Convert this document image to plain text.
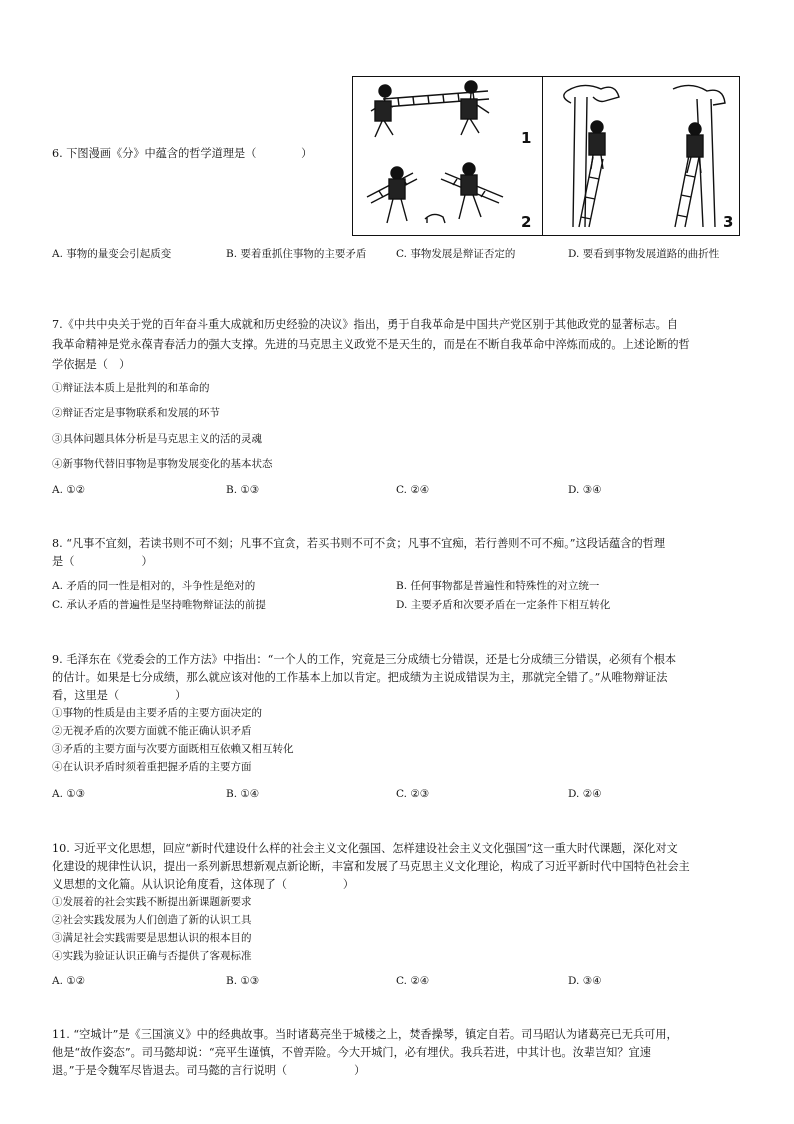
6. 下图漫画《分》中蕴含的哲学道理是（　　　　）
1
2	3
A. 事物的量变会引起质变	B. 要着重抓住事物的主要矛盾	C. 事物发展是辩证否定的	D. 要看到事物发展道路的曲折性
7.《中共中央关于党的百年奋斗重大成就和历史经验的决议》指出，勇于自我革命是中国共产党区别于其他政党的显著标志。自
我革命精神是党永葆青春活力的强大支撑。先进的马克思主义政党不是天生的，而是在不断自我革命中淬炼而成的。上述论断的哲
学依据是（　）
①辩证法本质上是批判的和革命的
②辩证否定是事物联系和发展的环节
③具体问题具体分析是马克思主义的活的灵魂
④新事物代替旧事物是事物发展变化的基本状态
A. ①②	B. ①③	C. ②④	D. ③④
8. “凡事不宜刻，若读书则不可不刻；凡事不宜贪，若买书则不可不贪；凡事不宜痴，若行善则不可不痴。”这段话蕴含的哲理
是（　　　　　　）
A. 矛盾的同一性是相对的，斗争性是绝对的	B. 任何事物都是普遍性和特殊性的对立统一
C. 承认矛盾的普遍性是坚持唯物辩证法的前提	D. 主要矛盾和次要矛盾在一定条件下相互转化
9. 毛泽东在《党委会的工作方法》中指出：“一个人的工作，究竟是三分成绩七分错误，还是七分成绩三分错误，必须有个根本
的估计。如果是七分成绩，那么就应该对他的工作基本上加以肯定。把成绩为主说成错误为主，那就完全错了。”从唯物辩证法
看，这里是（　　　　　）
①事物的性质是由主要矛盾的主要方面决定的
②无视矛盾的次要方面就不能正确认识矛盾
③矛盾的主要方面与次要方面既相互依赖又相互转化
④在认识矛盾时须着重把握矛盾的主要方面
A. ①③	B. ①④	C. ②③	D. ②④
10. 习近平文化思想，回应“新时代建设什么样的社会主义文化强国、怎样建设社会主义文化强国”这一重大时代课题，深化对文
化建设的规律性认识，提出一系列新思想新观点新论断，丰富和发展了马克思主义文化理论，构成了习近平新时代中国特色社会主
义思想的文化篇。从认识论角度看，这体现了（　　　　　）
①发展着的社会实践不断提出新课题新要求
②社会实践发展为人们创造了新的认识工具
③满足社会实践需要是思想认识的根本目的
④实践为验证认识正确与否提供了客观标准
A. ①②	B. ①③	C. ②④	D. ③④
11. “空城计”是《三国演义》中的经典故事。当时诸葛亮坐于城楼之上，焚香操琴，镇定自若。司马昭认为诸葛亮已无兵可用，
他是“故作姿态”。司马懿却说：“亮平生谨慎，不曾弄险。今大开城门，必有埋伏。我兵若进，中其计也。汝辈岂知？宜速
退。”于是令魏军尽皆退去。司马懿的言行说明（　　　　　　）
